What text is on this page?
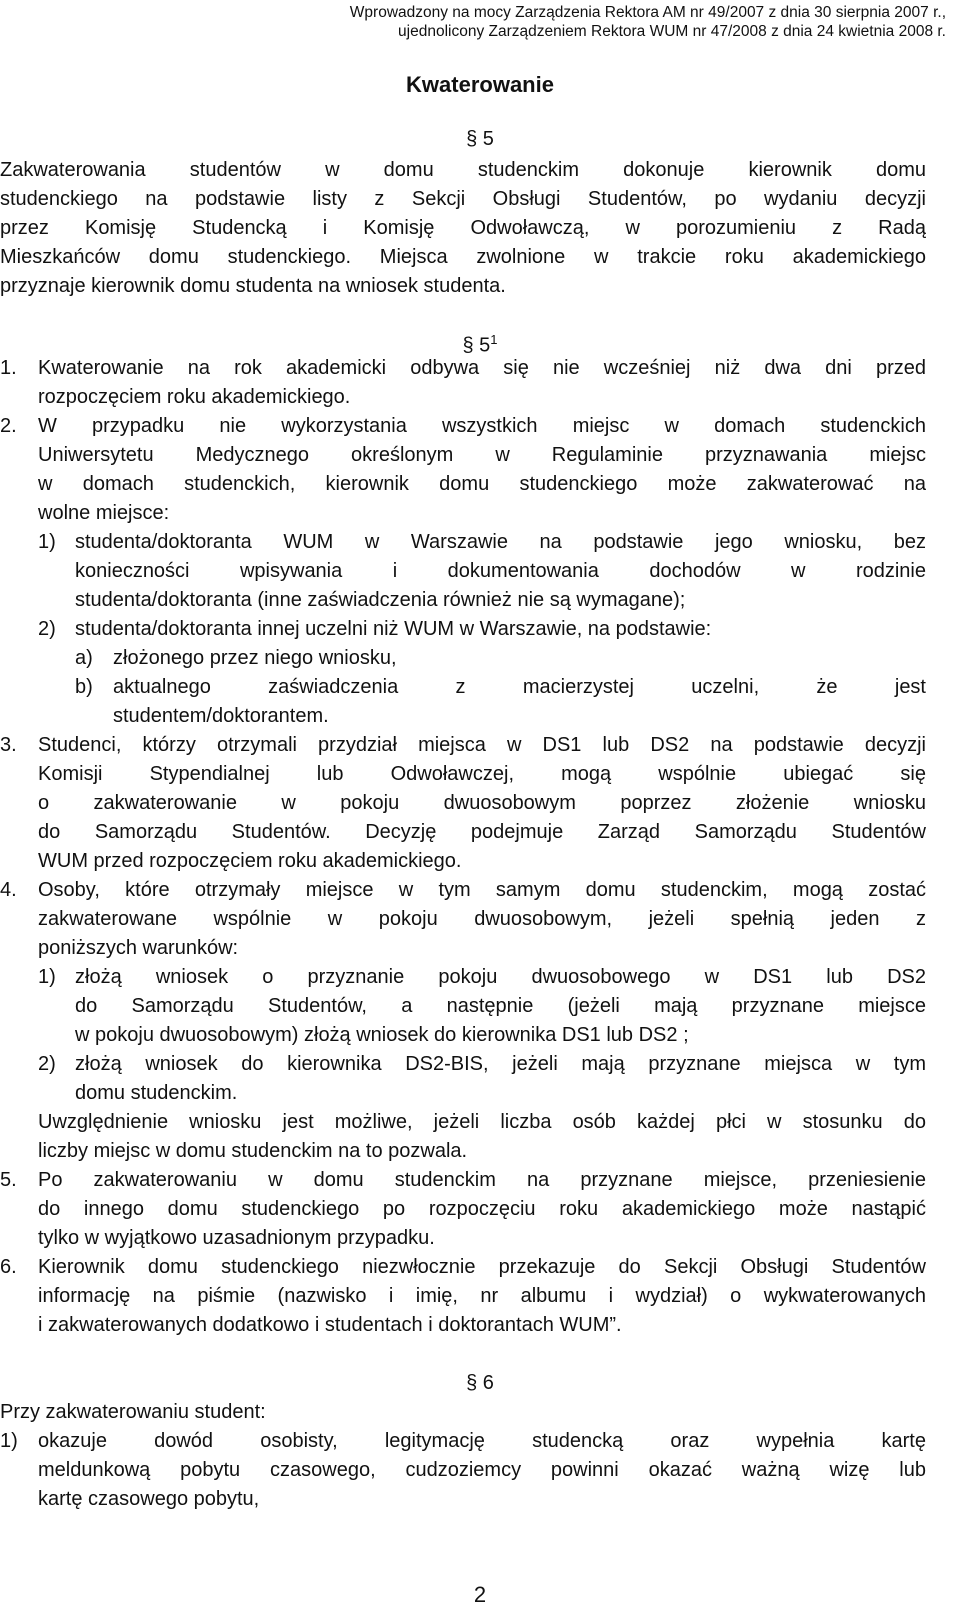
Wprowadzony na mocy Zarządzenia Rektora AM nr 49/2007 z dnia 30 sierpnia 2007 r.,
ujednolicony Zarządzeniem Rektora WUM nr 47/2008 z dnia 24 kwietnia 2008 r.
Kwaterowanie
§ 5
Zakwaterowania studentów w domu studenckim dokonuje kierownik domu
studenckiego na podstawie listy z Sekcji Obsługi Studentów, po wydaniu decyzji
przez Komisję Studencką i Komisję Odwoławczą, w porozumieniu z Radą
Mieszkańców domu studenckiego. Miejsca zwolnione w trakcie roku akademickiego
przyznaje kierownik domu studenta na wniosek studenta.
§ $5^1$
1. Kwaterowanie na rok akademicki odbywa się nie wcześniej niż dwa dni przed
rozpoczęciem roku akademickiego.
2. W przypadku nie wykorzystania wszystkich miejsc w domach studenckich
Uniwersytetu Medycznego określonym w Regulaminie przyznawania miejsc
w domach studenckich, kierownik domu studenckiego może zakwaterować na
wolne miejsce:
1) studenta/doktoranta WUM w Warszawie na podstawie jego wniosku, bez
konieczności wpisywania i dokumentowania dochodów w rodzinie
studenta/doktoranta (inne zaświadczenia również nie są wymagane);
2) studenta/doktoranta innej uczelni niż WUM w Warszawie, na podstawie:
a) złożonego przez niego wniosku,
b) aktualnego zaświadczenia z macierzystej uczelni, że jest
studentem/doktorantem.
3. Studenci, którzy otrzymali przydział miejsca w DS1 lub DS2 na podstawie decyzji
Komisji Stypendialnej lub Odwoławczej, mogą wspólnie ubiegać się
o zakwaterowanie w pokoju dwuosobowym poprzez złożenie wniosku
do Samorządu Studentów. Decyzję podejmuje Zarząd Samorządu Studentów
WUM przed rozpoczęciem roku akademickiego.
4. Osoby, które otrzymały miejsce w tym samym domu studenckim, mogą zostać
zakwaterowane wspólnie w pokoju dwuosobowym, jeżeli spełnią jeden z
poniższych warunków:
1) złożą wniosek o przyznanie pokoju dwuosobowego w DS1 lub DS2
do Samorządu Studentów, a następnie (jeżeli mają przyznane miejsce
w pokoju dwuosobowym) złożą wniosek do kierownika DS1 lub DS2 ;
2) złożą wniosek do kierownika DS2-BIS, jeżeli mają przyznane miejsca w tym
domu studenckim.
Uwzględnienie wniosku jest możliwe, jeżeli liczba osób każdej płci w stosunku do
liczby miejsc w domu studenckim na to pozwala.
5. Po zakwaterowaniu w domu studenckim na przyznane miejsce, przeniesienie
do innego domu studenckiego po rozpoczęciu roku akademickiego może nastąpić
tylko w wyjątkowo uzasadnionym przypadku.
6. Kierownik domu studenckiego niezwłocznie przekazuje do Sekcji Obsługi Studentów
informację na piśmie (nazwisko i imię, nr albumu i wydział) o wykwaterowanych
i zakwaterowanych dodatkowo i studentach i doktorantach WUM”.
§ 6
Przy zakwaterowaniu student:
1) okazuje dowód osobisty, legitymację studencką oraz wypełnia kartę
meldunkową pobytu czasowego, cudzoziemcy powinni okazać ważną wizę lub
kartę czasowego pobytu,
2
